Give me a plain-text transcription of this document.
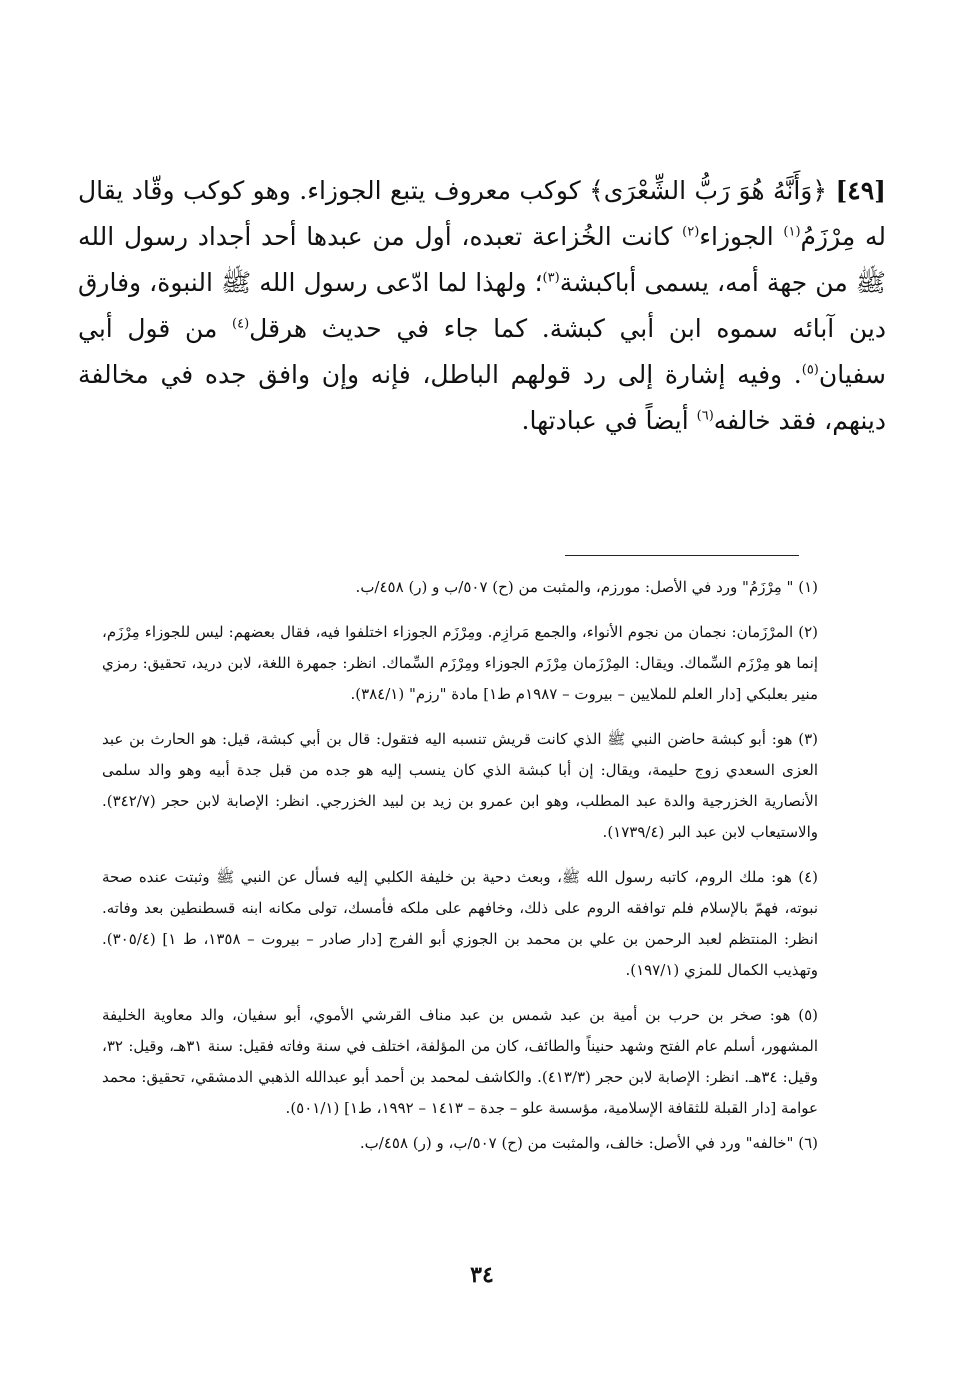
[٤٩] ﴿وَأَنَّهُ هُوَ رَبُّ الشِّعْرَى﴾ كوكب معروف يتبع الجوزاء. وهو كوكب وقّاد يقال له مِرْزَمُ$^{(١)}$ الجوزاء$^{(٢)}$ كانت الخُزاعة تعبده، أول من عبدها أحد أجداد رسول الله ﷺ من جهة أمه، يسمى أباكبشة$^{(٣)}$؛ ولهذا لما ادّعى رسول الله ﷺ النبوة، وفارق دين آبائه سموه ابن أبي كبشة. كما جاء في حديث هرقل$^{(٤)}$ من قول أبي سفيان$^{(٥)}$. وفيه إشارة إلى رد قولهم الباطل، فإنه وإن وافق جده في مخالفة دينهم، فقد خالفه$^{(٦)}$ أيضاً في عبادتها.

(١) " مِرْزَمُ" ورد في الأصل: مورزم، والمثبت من (ح) ٥٠٧/ب و (ر) ٤٥٨/ب.

(٢) المرْزَمان: نجمان من نجوم الأنواء، والجمع مَرازِم. ومِرْزَم الجوزاء اختلفوا فيه، فقال بعضهم: ليس للجوزاء مِرْزَم، إنما هو مِرْزَم السِّماك. ويقال: المِرْزَمان مِرْزَم الجوزاء ومِرْزَم السِّماك. انظر: جمهرة اللغة، لابن دريد، تحقيق: رمزي منير بعلبكي [دار العلم للملايين – بيروت – ١٩٨٧م ط١] مادة "رزم" (٣٨٤/١).

(٣) هو: أبو كبشة حاضن النبي ﷺ الذي كانت قريش تنسبه اليه فتقول: قال بن أبي كبشة، قيل: هو الحارث بن عبد العزى السعدي زوج حليمة، ويقال: إن أبا كبشة الذي كان ينسب إليه هو جده من قبل جدة أبيه وهو والد سلمى الأنصارية الخزرجية والدة عبد المطلب، وهو ابن عمرو بن زيد بن لبيد الخزرجي. انظر: الإصابة لابن حجر (٣٤٢/٧). والاستيعاب لابن عبد البر (١٧٣٩/٤).

(٤) هو: ملك الروم، كاتبه رسول الله ﷺ، وبعث دحية بن خليفة الكلبي إليه فسأل عن النبي ﷺ وثبتت عنده صحة نبوته، فهمّ بالإسلام فلم توافقه الروم على ذلك، وخافهم على ملكه فأمسك، تولى مكانه ابنه قسطنطين بعد وفاته. انظر: المنتظم لعبد الرحمن بن علي بن محمد بن الجوزي أبو الفرج [دار صادر – بيروت – ١٣٥٨، ط ١] (٣٠٥/٤). وتهذيب الكمال للمزي (١٩٧/١).

(٥) هو: صخر بن حرب بن أمية بن عبد شمس بن عبد مناف القرشي الأموي، أبو سفيان، والد معاوية الخليفة المشهور، أسلم عام الفتح وشهد حنيناً والطائف، كان من المؤلفة، اختلف في سنة وفاته فقيل: سنة ٣١هـ، وقيل: ٣٢، وقيل: ٣٤هـ. انظر: الإصابة لابن حجر (٤١٣/٣). والكاشف لمحمد بن أحمد أبو عبدالله الذهبي الدمشقي، تحقيق: محمد عوامة [دار القبلة للثقافة الإسلامية، مؤسسة علو – جدة – ١٤١٣ – ١٩٩٢، ط١] (٥٠١/١).

(٦) "خالفه" ورد في الأصل: خالف، والمثبت من (ح) ٥٠٧/ب، و (ر) ٤٥٨/ب.

٣٤
